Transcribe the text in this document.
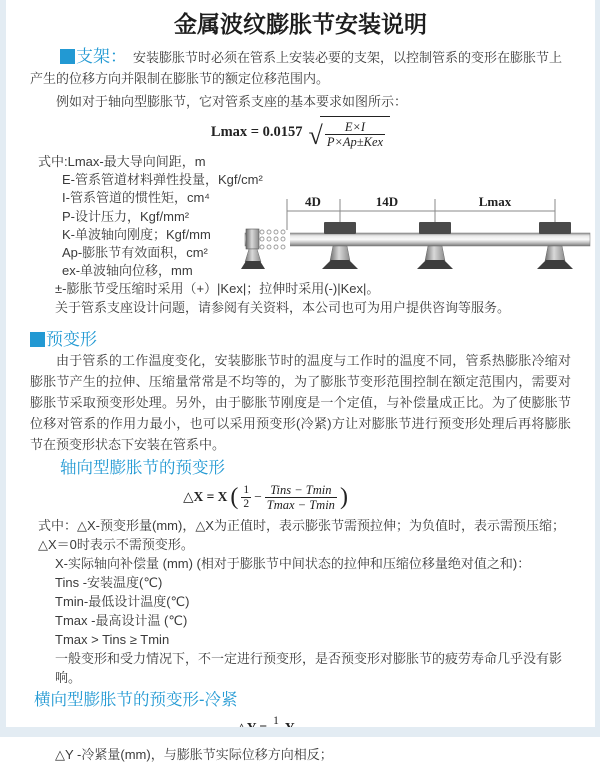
4D	14D	Lmax
金属波纹膨胀节安装说明

支架： 安装膨胀节时必须在管系上安装必要的支架，以控制管系的变形在膨胀节上产生的位移方向并限制在膨胀节的额定位移范围内。

例如对于轴向型膨胀节，它对管系支座的基本要求如图所示：

Lmax = 0.0157 √ $\frac{E\times I}{\text{P×Ap±Kex}}$
式中:Lmax-最大导向间距，m
E-管系管道材料弹性投量，Kgf/cm²
I-管系管道的惯性矩，cm⁴
P-设计压力，Kgf/mm²
K-单波轴向刚度；Kgf/mm
Ap-膨胀节有效面积，cm²
ex-单波轴向位移，mm
±-膨胀节受压缩时采用（+）|Kex|；拉伸时采用(-)|Kex|。
关于管系支座设计问题，请参阅有关资料，本公司也可为用户提供咨询等服务。
预变形

由于管系的工作温度变化，安装膨胀节时的温度与工作时的温度不同，管系热膨胀冷缩对膨胀节产生的拉伸、压缩量常常是不均等的，为了膨胀节变形范围控制在额定范围内，需要对膨胀节采取预变形处理。另外，由于膨胀节刚度是一个定值，与补偿量成正比。为了使膨胀节位移对管系的作用力最小，也可以采用预变形(冷紧)方让对膨胀节进行预变形处理后再将膨胀节在预变形状态下安装在管系中。

轴向型膨胀节的预变形
△X = X ( $\frac{1}{2} - \frac{\text{Tins − Tmin}}{Tmax - Tmin}$ )
式中：△X-预变形量(mm)，△X为正值时，表示膨张节需预拉伸；为负值时，表示需预压缩；△X＝0时表示不需预变形。
X-实际轴向补偿量 (mm) (相对于膨胀节中间状态的拉伸和压缩位移量绝对值之和)：
Tins -安装温度(℃)
Tmin-最低设计温度(℃)
Tmax -最高设计温 (℃)
Tmax > Tins ≥ Tmin
一般变形和受力情况下，不一定进行预变形，是否预变形对膨胀节的疲劳寿命几乎没有影响。
横向型膨胀节的预变形-冷紧
1
△Y -冷紧量(mm)，与膨胀节实际位移方向相反；
